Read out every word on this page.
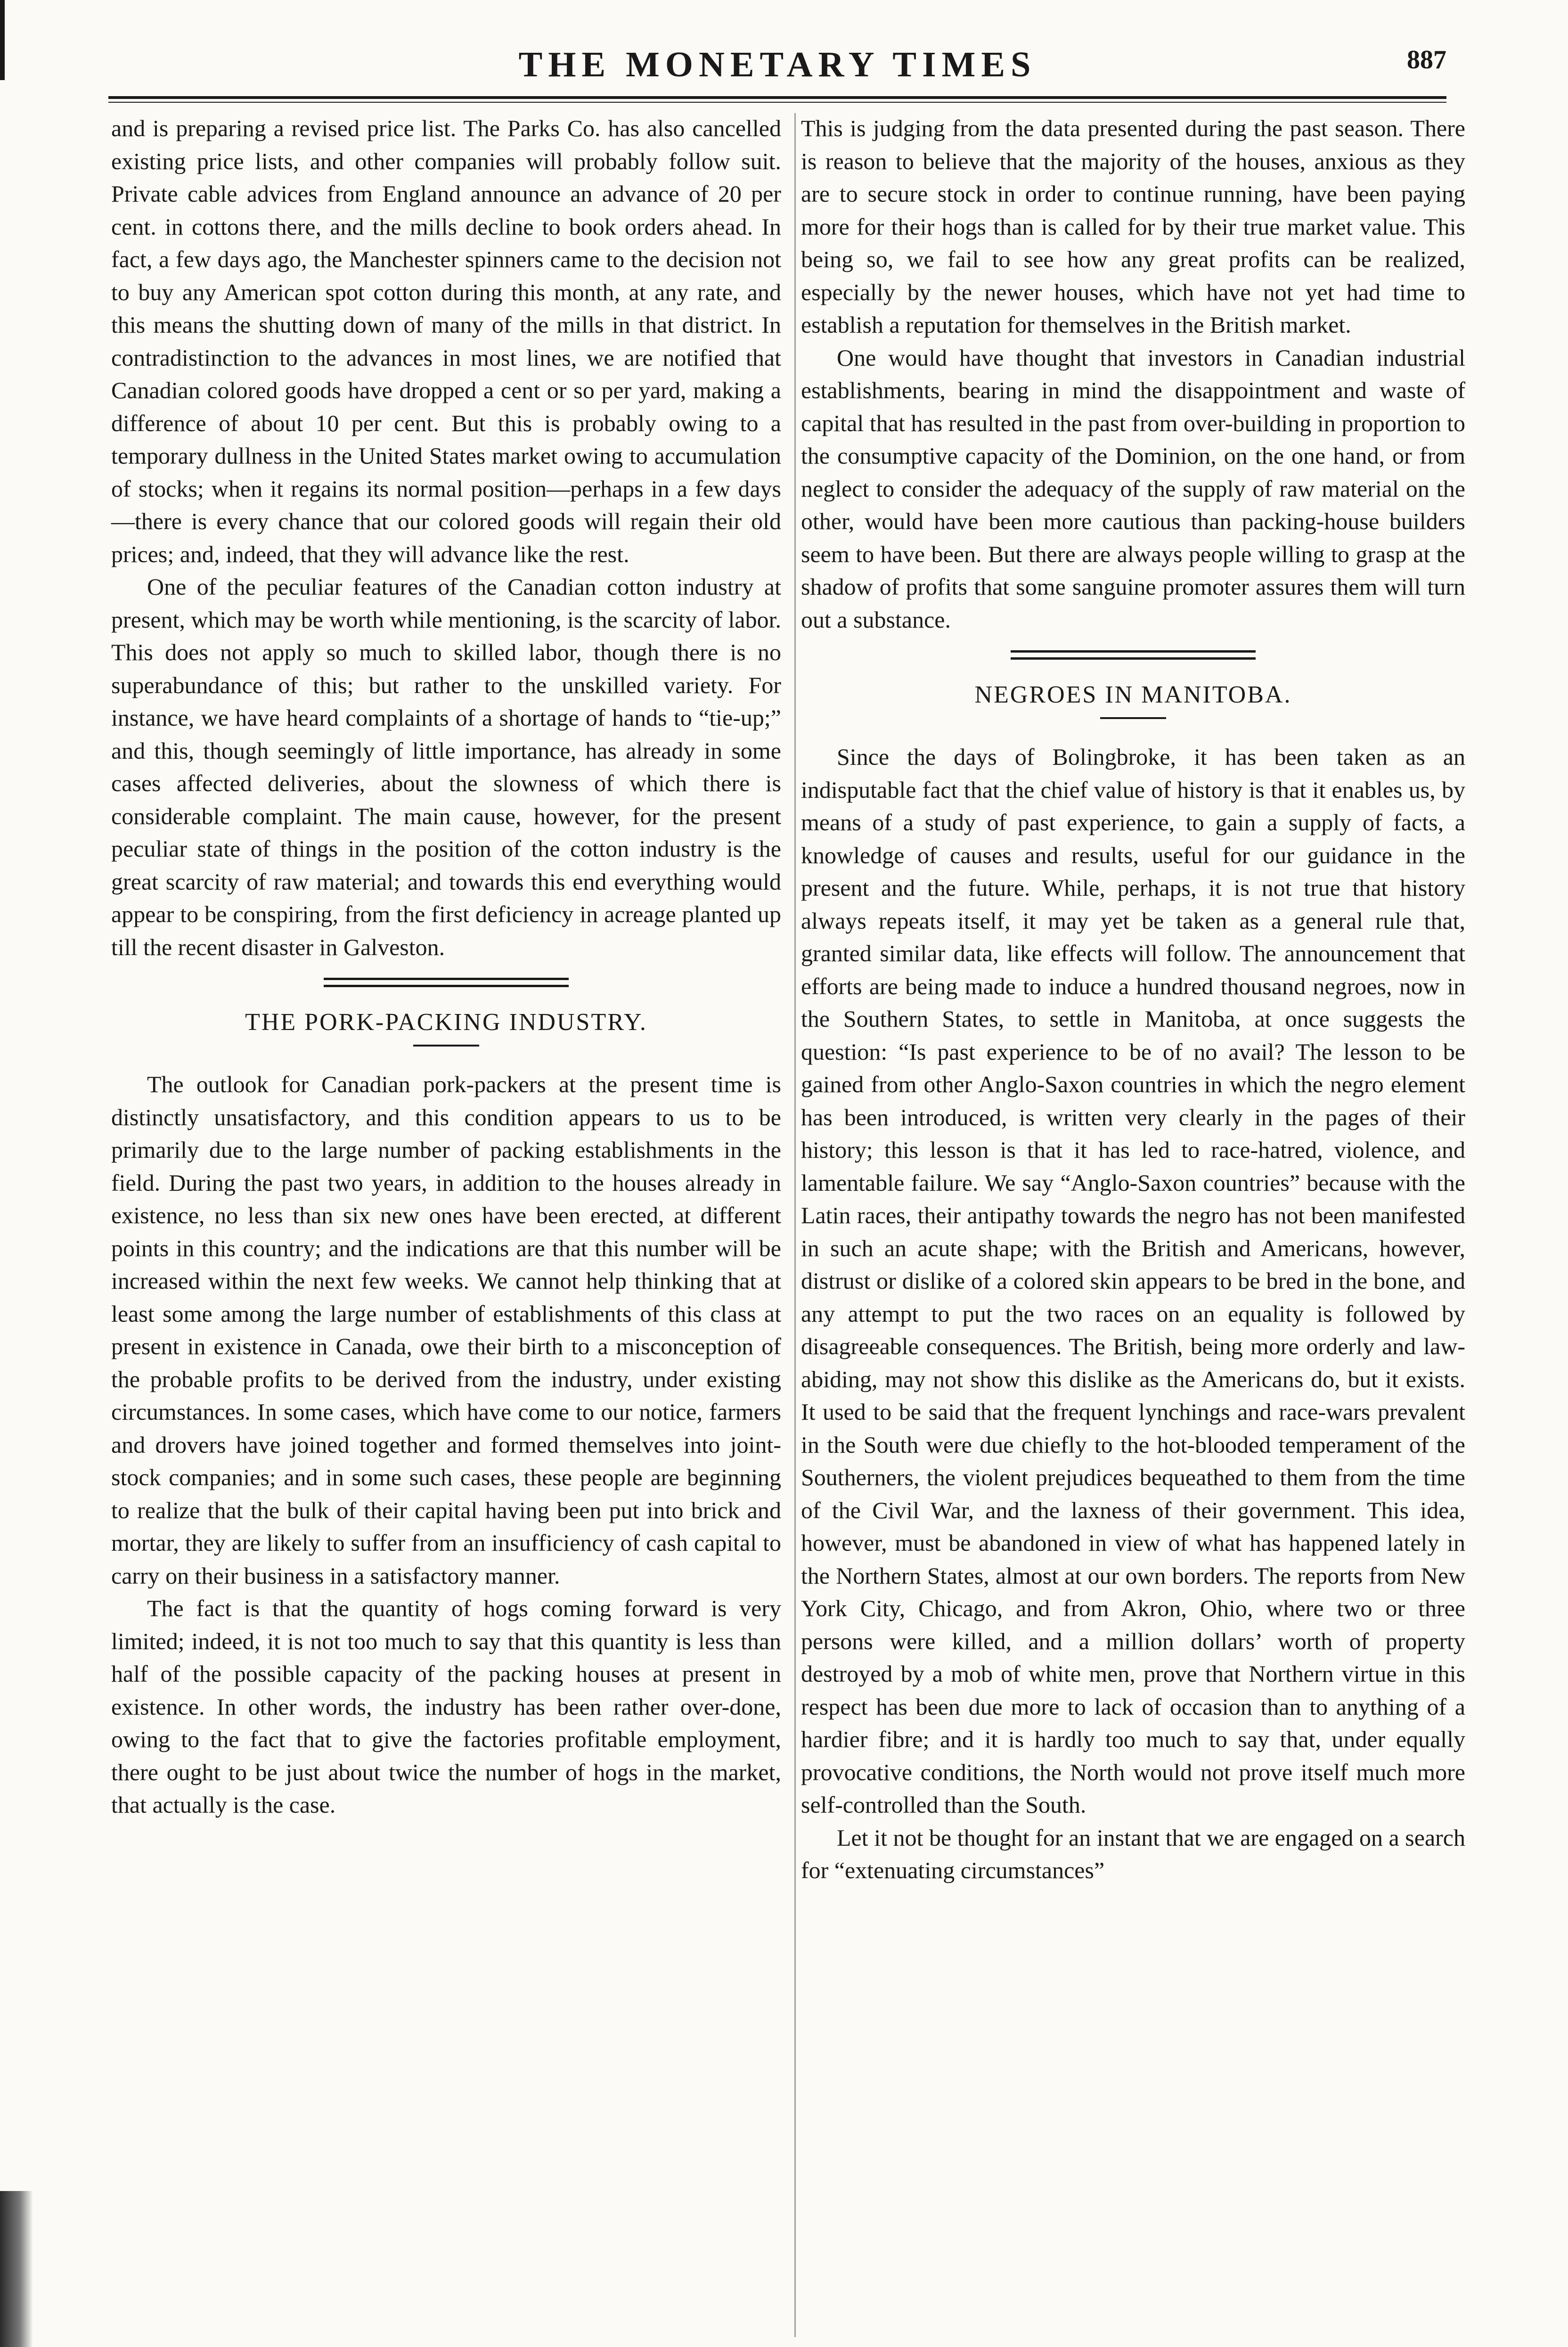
THE MONETARY TIMES	887

and is preparing a revised price list. The Parks Co. has also cancelled existing price lists, and other companies will probably follow suit. Private cable advices from England announce an advance of 20 per cent. in cottons there, and the mills decline to book orders ahead. In fact, a few days ago, the Manchester spinners came to the decision not to buy any American spot cotton during this month, at any rate, and this means the shutting down of many of the mills in that district. In contradistinction to the advances in most lines, we are notified that Canadian colored goods have dropped a cent or so per yard, making a difference of about 10 per cent. But this is probably owing to a temporary dullness in the United States market owing to accumulation of stocks; when it regains its normal position—perhaps in a few days—there is every chance that our colored goods will regain their old prices; and, indeed, that they will advance like the rest.

One of the peculiar features of the Canadian cotton industry at present, which may be worth while mentioning, is the scarcity of labor. This does not apply so much to skilled labor, though there is no superabundance of this; but rather to the unskilled variety. For instance, we have heard complaints of a shortage of hands to “tie-up;” and this, though seemingly of little importance, has already in some cases affected deliveries, about the slowness of which there is considerable complaint. The main cause, however, for the present peculiar state of things in the position of the cotton industry is the great scarcity of raw material; and towards this end everything would appear to be conspiring, from the first deficiency in acreage planted up till the recent disaster in Galveston.

THE PORK-PACKING INDUSTRY.

The outlook for Canadian pork-packers at the present time is distinctly unsatisfactory, and this condition appears to us to be primarily due to the large number of packing establishments in the field. During the past two years, in addition to the houses already in existence, no less than six new ones have been erected, at different points in this country; and the indications are that this number will be increased within the next few weeks. We cannot help thinking that at least some among the large number of establishments of this class at present in existence in Canada, owe their birth to a misconception of the probable profits to be derived from the industry, under existing circumstances. In some cases, which have come to our notice, farmers and drovers have joined together and formed themselves into joint-stock companies; and in some such cases, these people are beginning to realize that the bulk of their capital having been put into brick and mortar, they are likely to suffer from an insufficiency of cash capital to carry on their business in a satisfactory manner.

The fact is that the quantity of hogs coming forward is very limited; indeed, it is not too much to say that this quantity is less than half of the possible capacity of the packing houses at present in existence. In other words, the industry has been rather over-done, owing to the fact that to give the factories profitable employment, there ought to be just about twice the number of hogs in the market, that actually is the case.

This is judging from the data presented during the past season. There is reason to believe that the majority of the houses, anxious as they are to secure stock in order to continue running, have been paying more for their hogs than is called for by their true market value. This being so, we fail to see how any great profits can be realized, especially by the newer houses, which have not yet had time to establish a reputation for themselves in the British market.

One would have thought that investors in Canadian industrial establishments, bearing in mind the disappointment and waste of capital that has resulted in the past from over-building in proportion to the consumptive capacity of the Dominion, on the one hand, or from neglect to consider the adequacy of the supply of raw material on the other, would have been more cautious than packing-house builders seem to have been. But there are always people willing to grasp at the shadow of profits that some sanguine promoter assures them will turn out a substance.

NEGROES IN MANITOBA.

Since the days of Bolingbroke, it has been taken as an indisputable fact that the chief value of history is that it enables us, by means of a study of past experience, to gain a supply of facts, a knowledge of causes and results, useful for our guidance in the present and the future. While, perhaps, it is not true that history always repeats itself, it may yet be taken as a general rule that, granted similar data, like effects will follow. The announcement that efforts are being made to induce a hundred thousand negroes, now in the Southern States, to settle in Manitoba, at once suggests the question: “Is past experience to be of no avail? The lesson to be gained from other Anglo-Saxon countries in which the negro element has been introduced, is written very clearly in the pages of their history; this lesson is that it has led to race-hatred, violence, and lamentable failure. We say “Anglo-Saxon countries” because with the Latin races, their antipathy towards the negro has not been manifested in such an acute shape; with the British and Americans, however, distrust or dislike of a colored skin appears to be bred in the bone, and any attempt to put the two races on an equality is followed by disagreeable consequences. The British, being more orderly and law-abiding, may not show this dislike as the Americans do, but it exists. It used to be said that the frequent lynchings and race-wars prevalent in the South were due chiefly to the hot-blooded temperament of the Southerners, the violent prejudices bequeathed to them from the time of the Civil War, and the laxness of their government. This idea, however, must be abandoned in view of what has happened lately in the Northern States, almost at our own borders. The reports from New York City, Chicago, and from Akron, Ohio, where two or three persons were killed, and a million dollars’ worth of property destroyed by a mob of white men, prove that Northern virtue in this respect has been due more to lack of occasion than to anything of a hardier fibre; and it is hardly too much to say that, under equally provocative conditions, the North would not prove itself much more self-controlled than the South.

Let it not be thought for an instant that we are engaged on a search for “extenuating circumstances”
